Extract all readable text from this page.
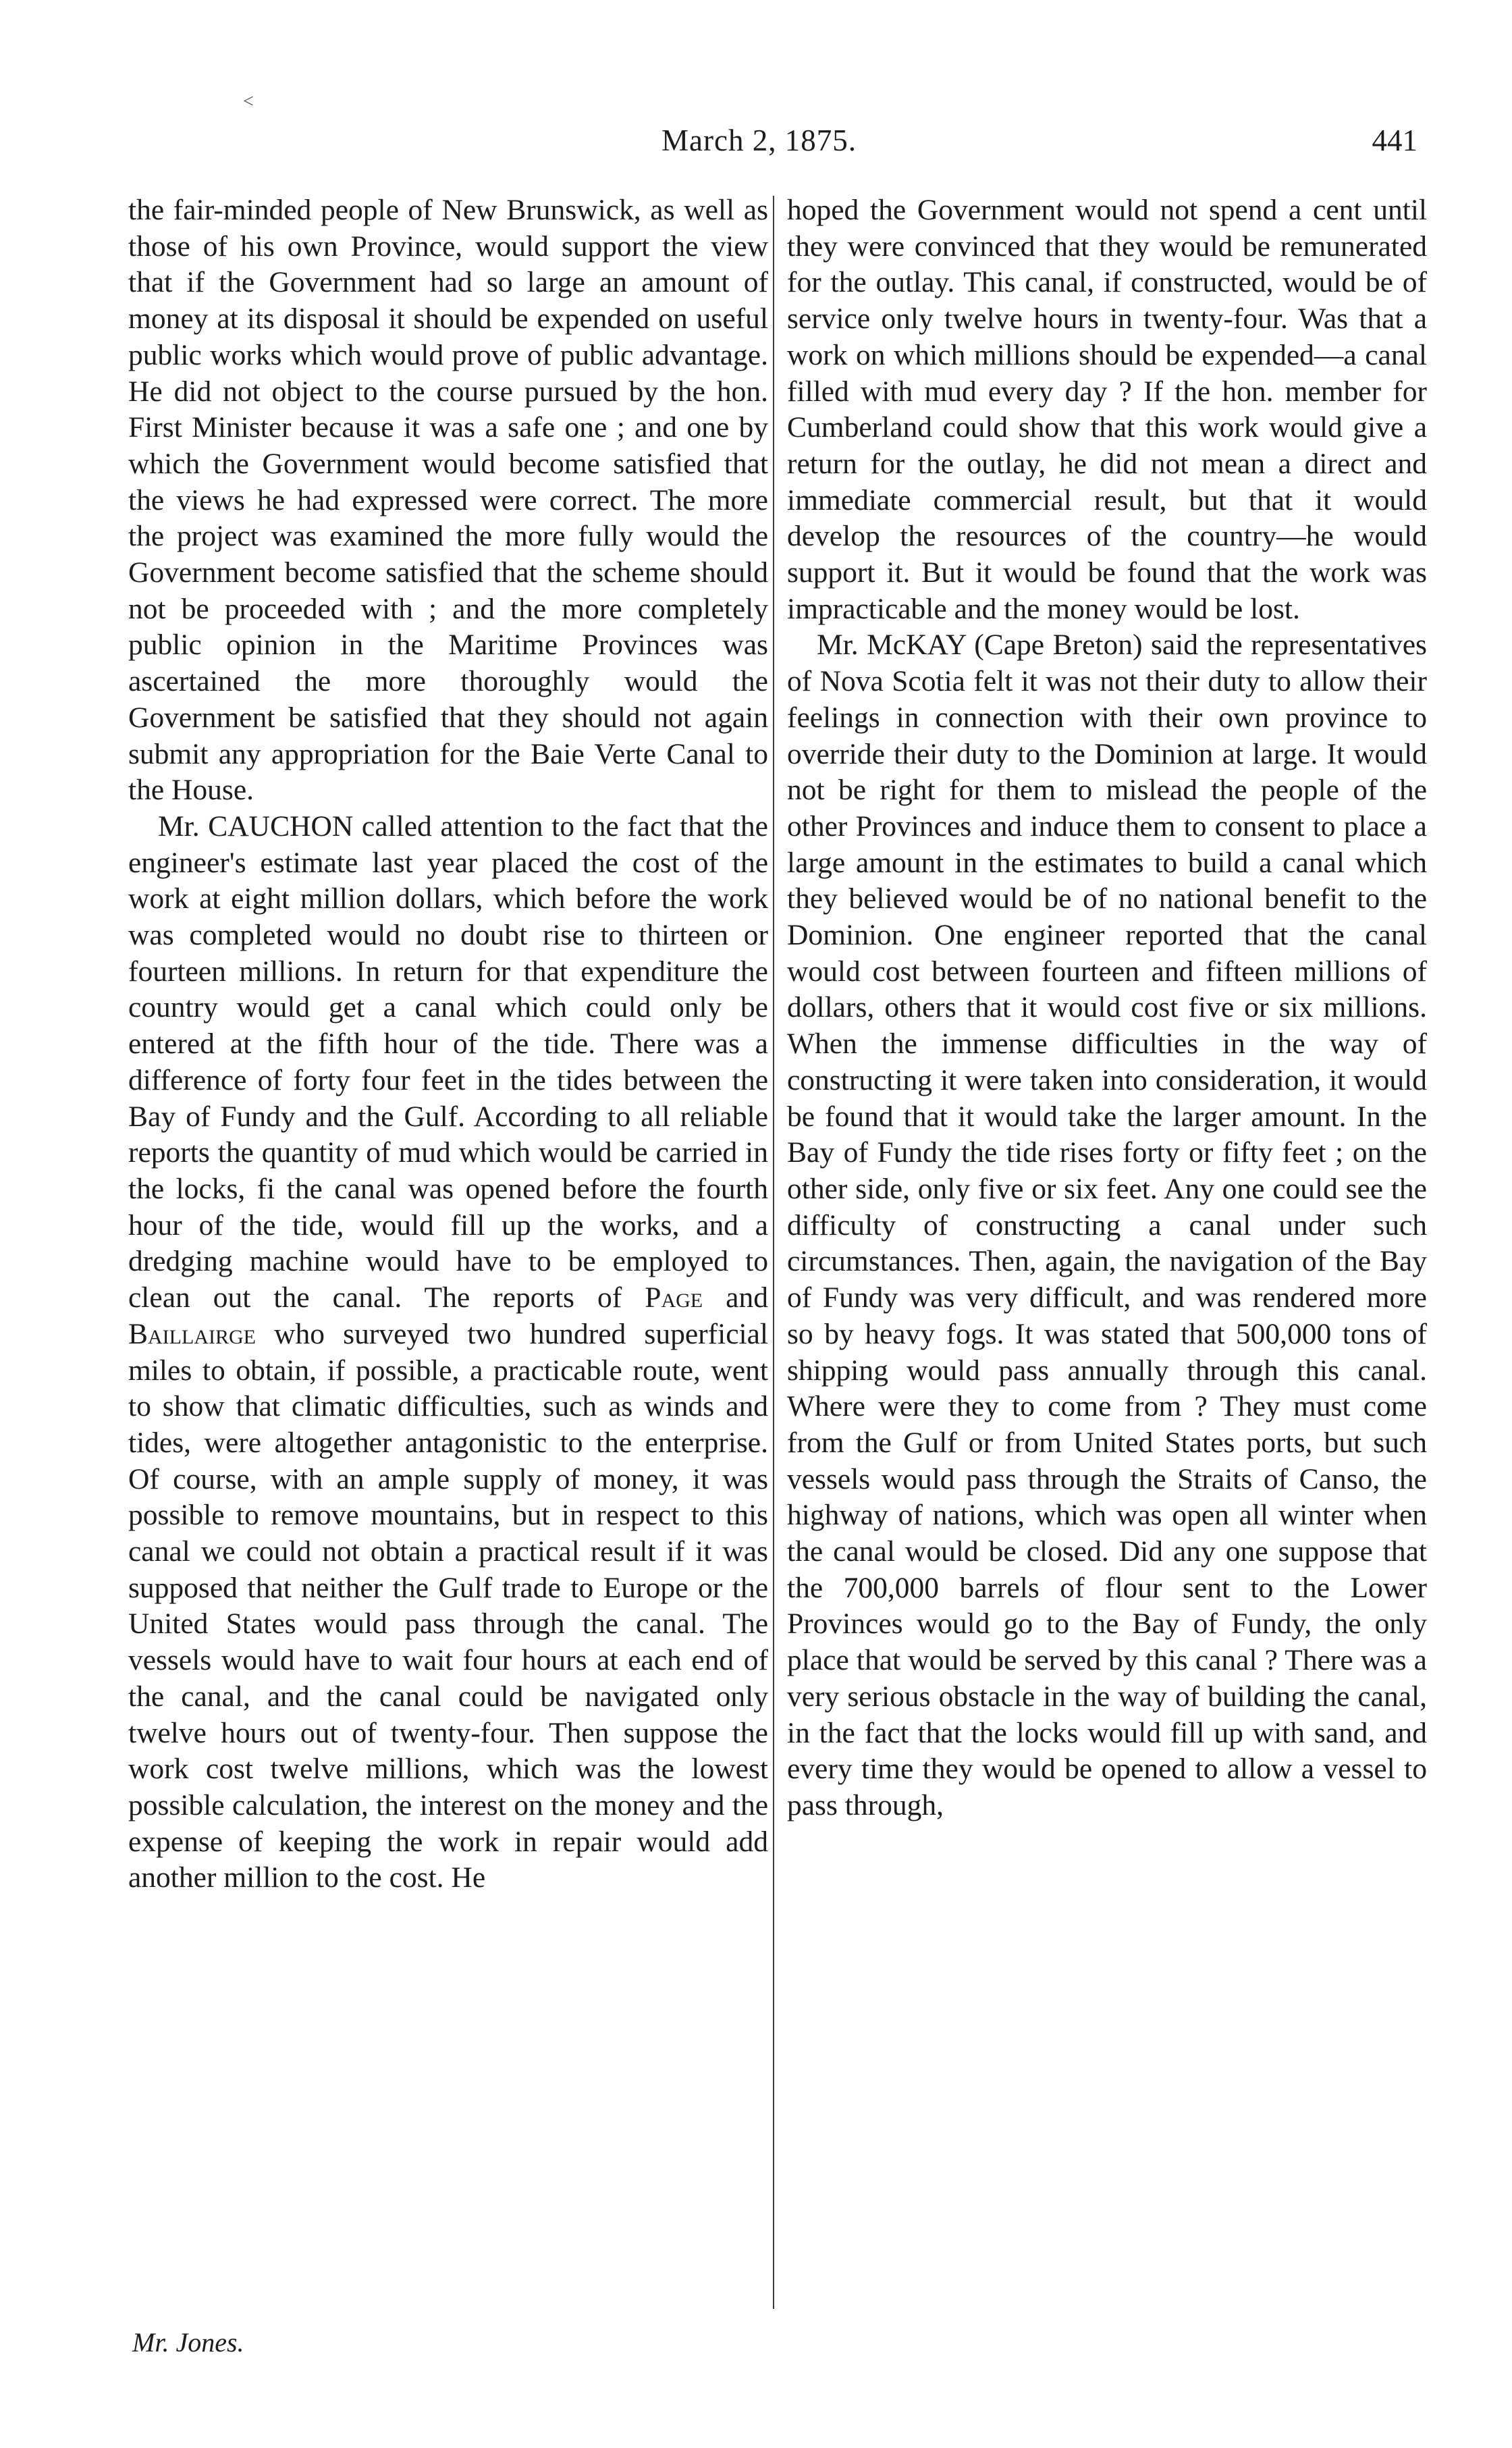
˂
March 2, 1875.	441

the fair-minded people of New Brunswick, as well as those of his own Province, would support the view that if the Government had so large an amount of money at its disposal it should be expended on useful public works which would prove of public advantage. He did not object to the course pursued by the hon. First Minister because it was a safe one ; and one by which the Government would become satisfied that the views he had expressed were correct. The more the project was examined the more fully would the Government become satisfied that the scheme should not be proceeded with ; and the more completely public opinion in the Maritime Provinces was ascertained the more thoroughly would the Government be satisfied that they should not again submit any appropriation for the Baie Verte Canal to the House.

Mr. CAUCHON called attention to the fact that the engineer's estimate last year placed the cost of the work at eight million dollars, which before the work was completed would no doubt rise to thirteen or fourteen millions. In return for that expenditure the country would get a canal which could only be entered at the fifth hour of the tide. There was a difference of forty four feet in the tides between the Bay of Fundy and the Gulf. According to all reliable reports the quantity of mud which would be carried in the locks, fi the canal was opened before the fourth hour of the tide, would fill up the works, and a dredging machine would have to be employed to clean out the canal. The reports of Page and Baillairge who surveyed two hundred superficial miles to obtain, if possible, a practicable route, went to show that climatic difficulties, such as winds and tides, were altogether antagonistic to the enterprise. Of course, with an ample supply of money, it was possible to remove mountains, but in respect to this canal we could not obtain a practical result if it was supposed that neither the Gulf trade to Europe or the United States would pass through the canal. The vessels would have to wait four hours at each end of the canal, and the canal could be navigated only twelve hours out of twenty-four. Then suppose the work cost twelve millions, which was the lowest possible calculation, the interest on the money and the expense of keeping the work in repair would add another million to the cost. He

hoped the Government would not spend a cent until they were convinced that they would be remunerated for the outlay. This canal, if constructed, would be of service only twelve hours in twenty-four. Was that a work on which millions should be expended—a canal filled with mud every day ? If the hon. member for Cumberland could show that this work would give a return for the outlay, he did not mean a direct and immediate commercial result, but that it would develop the resources of the country—he would support it. But it would be found that the work was impracticable and the money would be lost.

Mr. McKAY (Cape Breton) said the representatives of Nova Scotia felt it was not their duty to allow their feelings in connection with their own province to override their duty to the Dominion at large. It would not be right for them to mislead the people of the other Provinces and induce them to consent to place a large amount in the estimates to build a canal which they believed would be of no national benefit to the Dominion. One engineer reported that the canal would cost between fourteen and fifteen millions of dollars, others that it would cost five or six millions. When the immense difficulties in the way of constructing it were taken into consideration, it would be found that it would take the larger amount. In the Bay of Fundy the tide rises forty or fifty feet ; on the other side, only five or six feet. Any one could see the difficulty of constructing a canal under such circumstances. Then, again, the navigation of the Bay of Fundy was very difficult, and was rendered more so by heavy fogs. It was stated that 500,000 tons of shipping would pass annually through this canal. Where were they to come from ? They must come from the Gulf or from United States ports, but such vessels would pass through the Straits of Canso, the highway of nations, which was open all winter when the canal would be closed. Did any one suppose that the 700,000 barrels of flour sent to the Lower Provinces would go to the Bay of Fundy, the only place that would be served by this canal ? There was a very serious obstacle in the way of building the canal, in the fact that the locks would fill up with sand, and every time they would be opened to allow a vessel to pass through,

Mr. Jones.
